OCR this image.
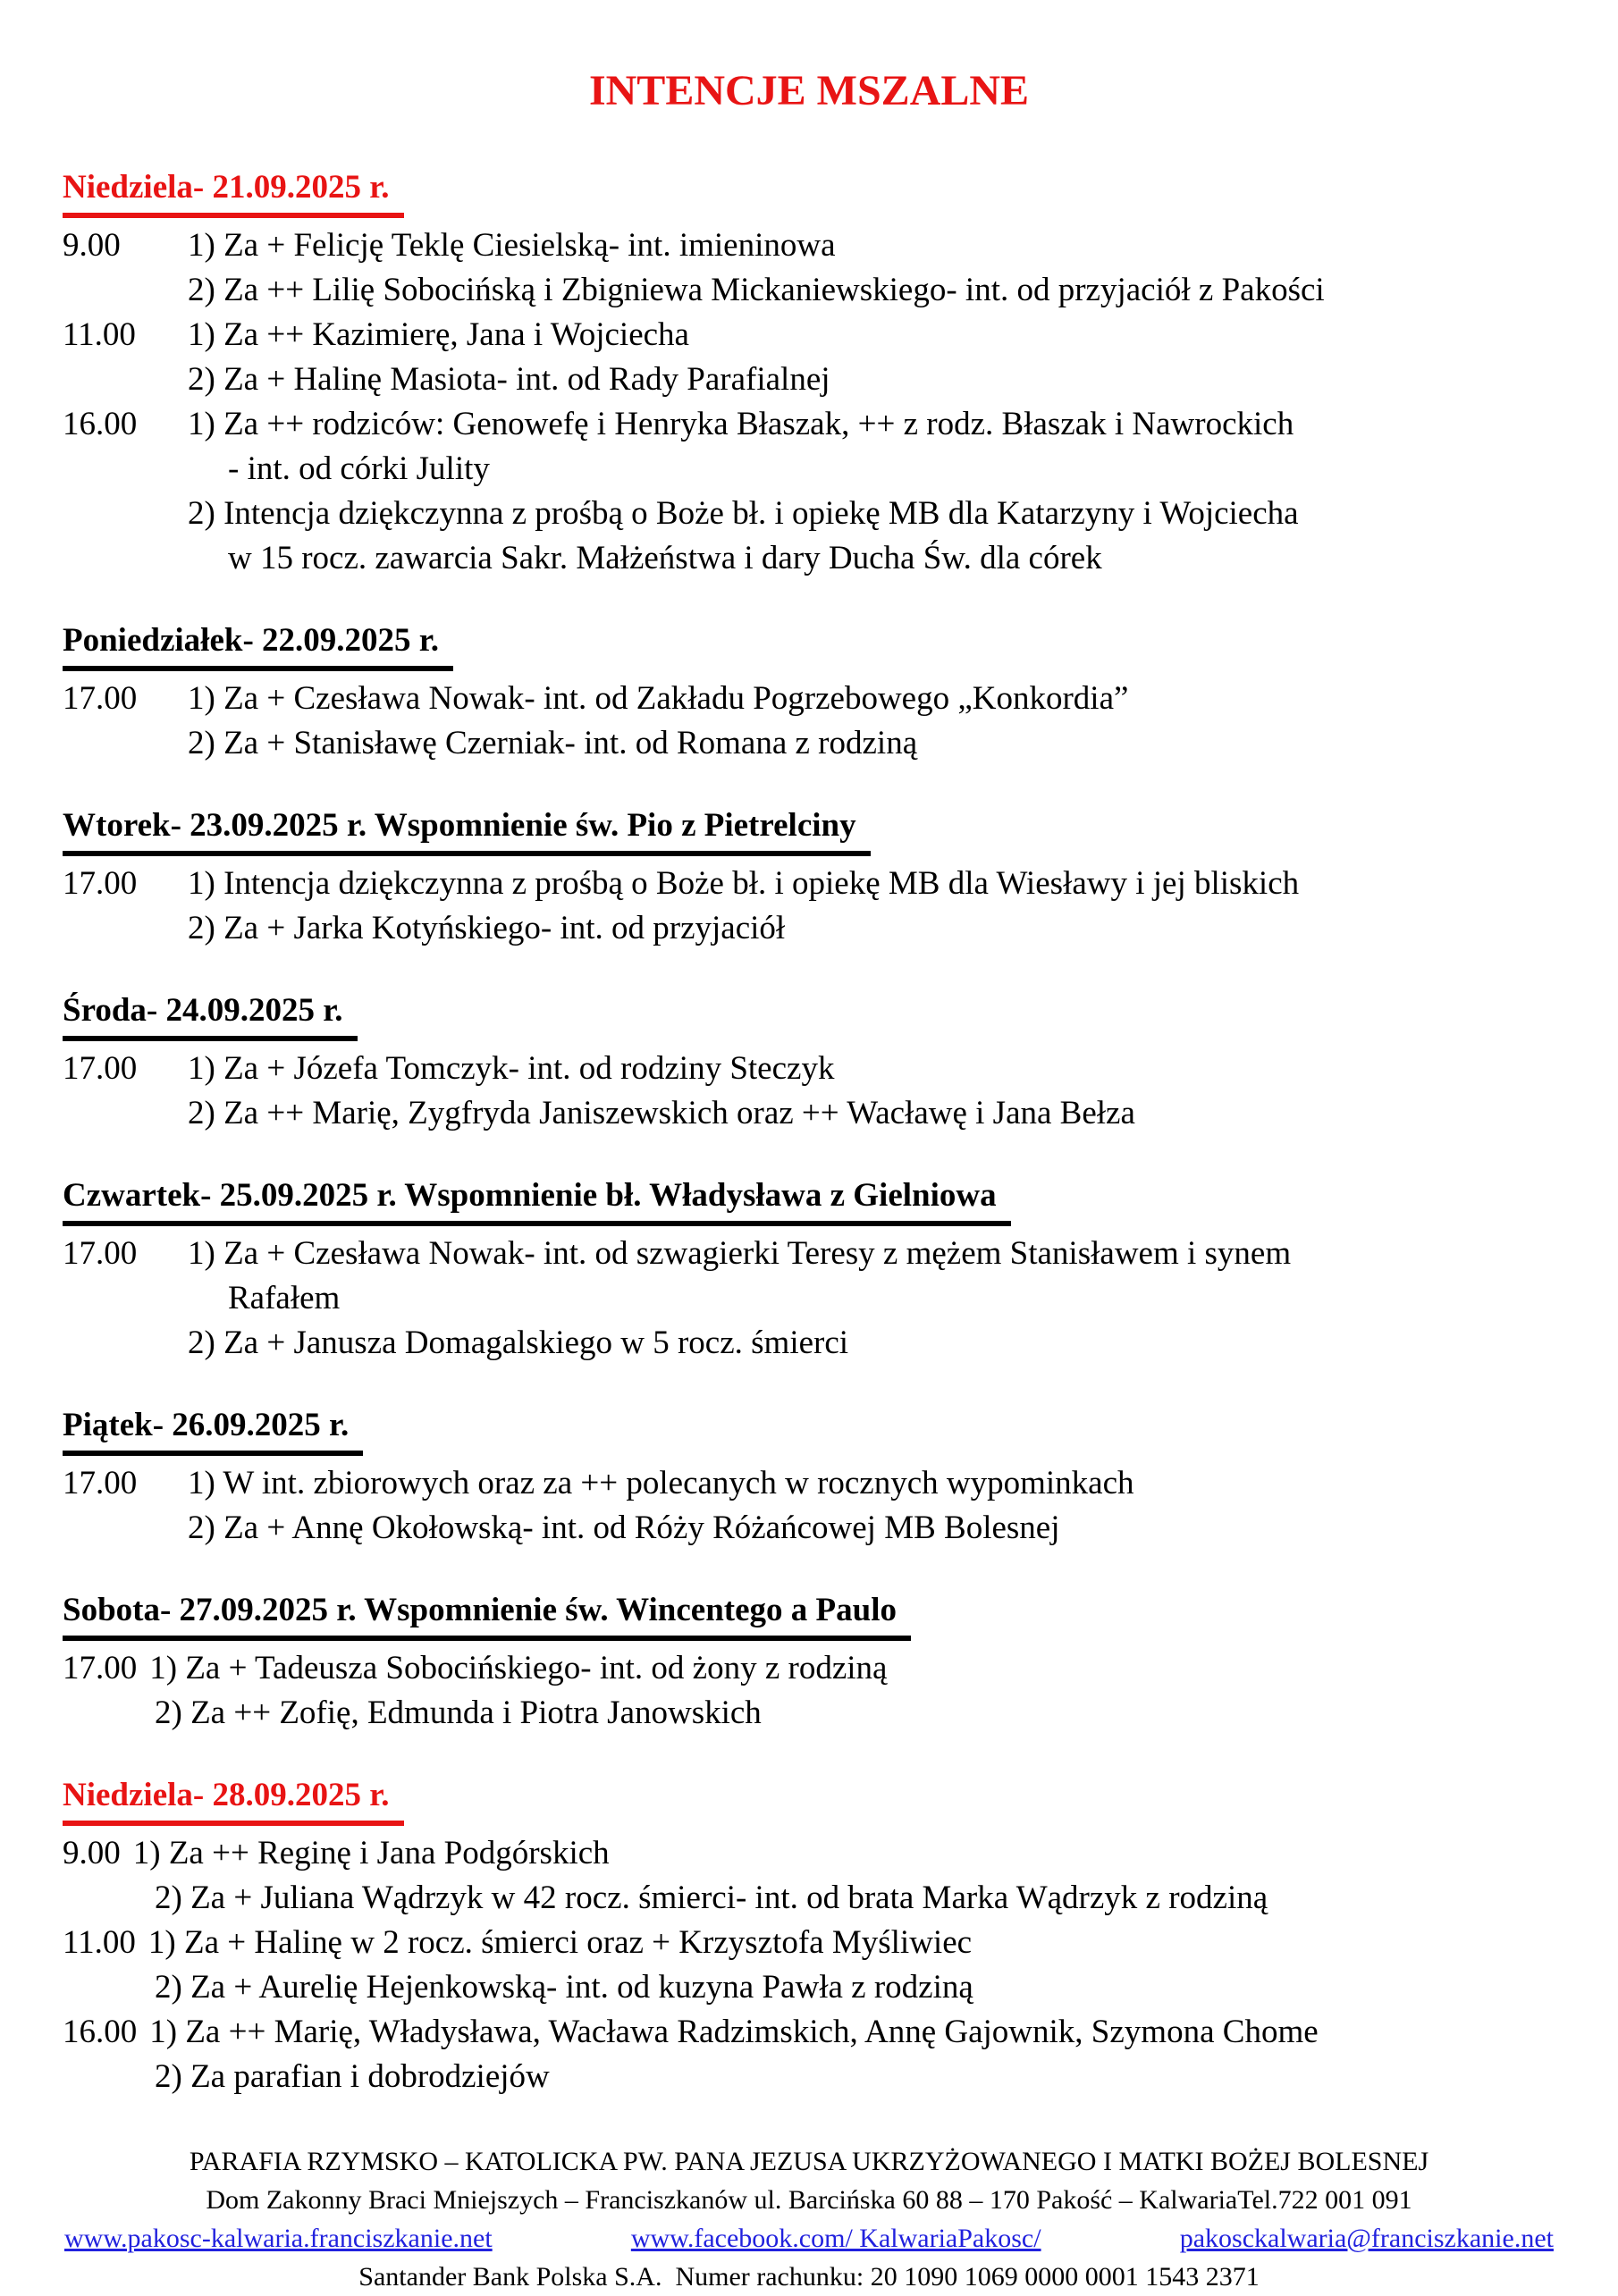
INTENCJE MSZALNE
Niedziela- 21.09.2025 r.
9.00 1) Za + Felicję Teklę Ciesielską- int. imieninowa
2) Za ++ Lilię Sobocińską i Zbigniewa Mickaniewskiego- int. od przyjaciół z Pakości
11.00 1) Za ++ Kazimierę, Jana i Wojciecha
2) Za + Halinę Masiota- int. od Rady Parafialnej
16.00 1) Za ++ rodziców: Genowefę i Henryka Błaszak, ++ z rodz. Błaszak i Nawrockich
- int. od córki Julity
2) Intencja dziękczynna z prośbą o Boże bł. i opiekę MB dla Katarzyny i Wojciecha
w 15 rocz. zawarcia Sakr. Małżeństwa i dary Ducha Św. dla córek
Poniedziałek- 22.09.2025 r.
17.00 1) Za + Czesława Nowak- int. od Zakładu Pogrzebowego „Konkordia”
2) Za + Stanisławę Czerniak- int. od Romana z rodziną
Wtorek- 23.09.2025 r. Wspomnienie św. Pio z Pietrelciny
17.00 1) Intencja dziękczynna z prośbą o Boże bł. i opiekę MB dla Wiesławy i jej bliskich
2) Za + Jarka Kotyńskiego- int. od przyjaciół
Środa- 24.09.2025 r.
17.00 1) Za + Józefa Tomczyk- int. od rodziny Steczyk
2) Za ++ Marię, Zygfryda Janiszewskich oraz ++ Wacławę i Jana Bełza
Czwartek- 25.09.2025 r. Wspomnienie bł. Władysława z Gielniowa
17.00 1) Za + Czesława Nowak- int. od szwagierki Teresy z mężem Stanisławem i synem
Rafałem
2) Za + Janusza Domagalskiego w 5 rocz. śmierci
Piątek- 26.09.2025 r.
17.00 1) W int. zbiorowych oraz za ++ polecanych w rocznych wypominkach
2) Za + Annę Okołowską- int. od Róży Różańcowej MB Bolesnej
Sobota- 27.09.2025 r. Wspomnienie św. Wincentego a Paulo
17.00 1) Za + Tadeusza Sobocińskiego- int. od żony z rodziną
2) Za ++ Zofię, Edmunda i Piotra Janowskich
Niedziela- 28.09.2025 r.
9.00 1) Za ++ Reginę i Jana Podgórskich
2) Za + Juliana Wądrzyk w 42 rocz. śmierci- int. od brata Marka Wądrzyk z rodziną
11.00 1) Za + Halinę w 2 rocz. śmierci oraz + Krzysztofa Myśliwiec
2) Za + Aurelię Hejenkowską- int. od kuzyna Pawła z rodziną
16.00 1) Za ++ Marię, Władysława, Wacława Radzimskich, Annę Gajownik, Szymona Chome
2) Za parafian i dobrodziejów
PARAFIA RZYMSKO – KATOLICKA PW. PANA JEZUSA UKRZYŻOWANEGO I MATKI BOŻEJ BOLESNEJ
Dom Zakonny Braci Mniejszych – Franciszkanów ul. Barcińska 60 88 – 170 Pakość – KalwariaTel.722 001 091
www.pakosc-kalwaria.franciszkanie.net	www.facebook.com/ KalwariaPakosc/	pakosckalwaria@franciszkanie.net
Santander Bank Polska S.A.  Numer rachunku: 20 1090 1069 0000 0001 1543 2371
